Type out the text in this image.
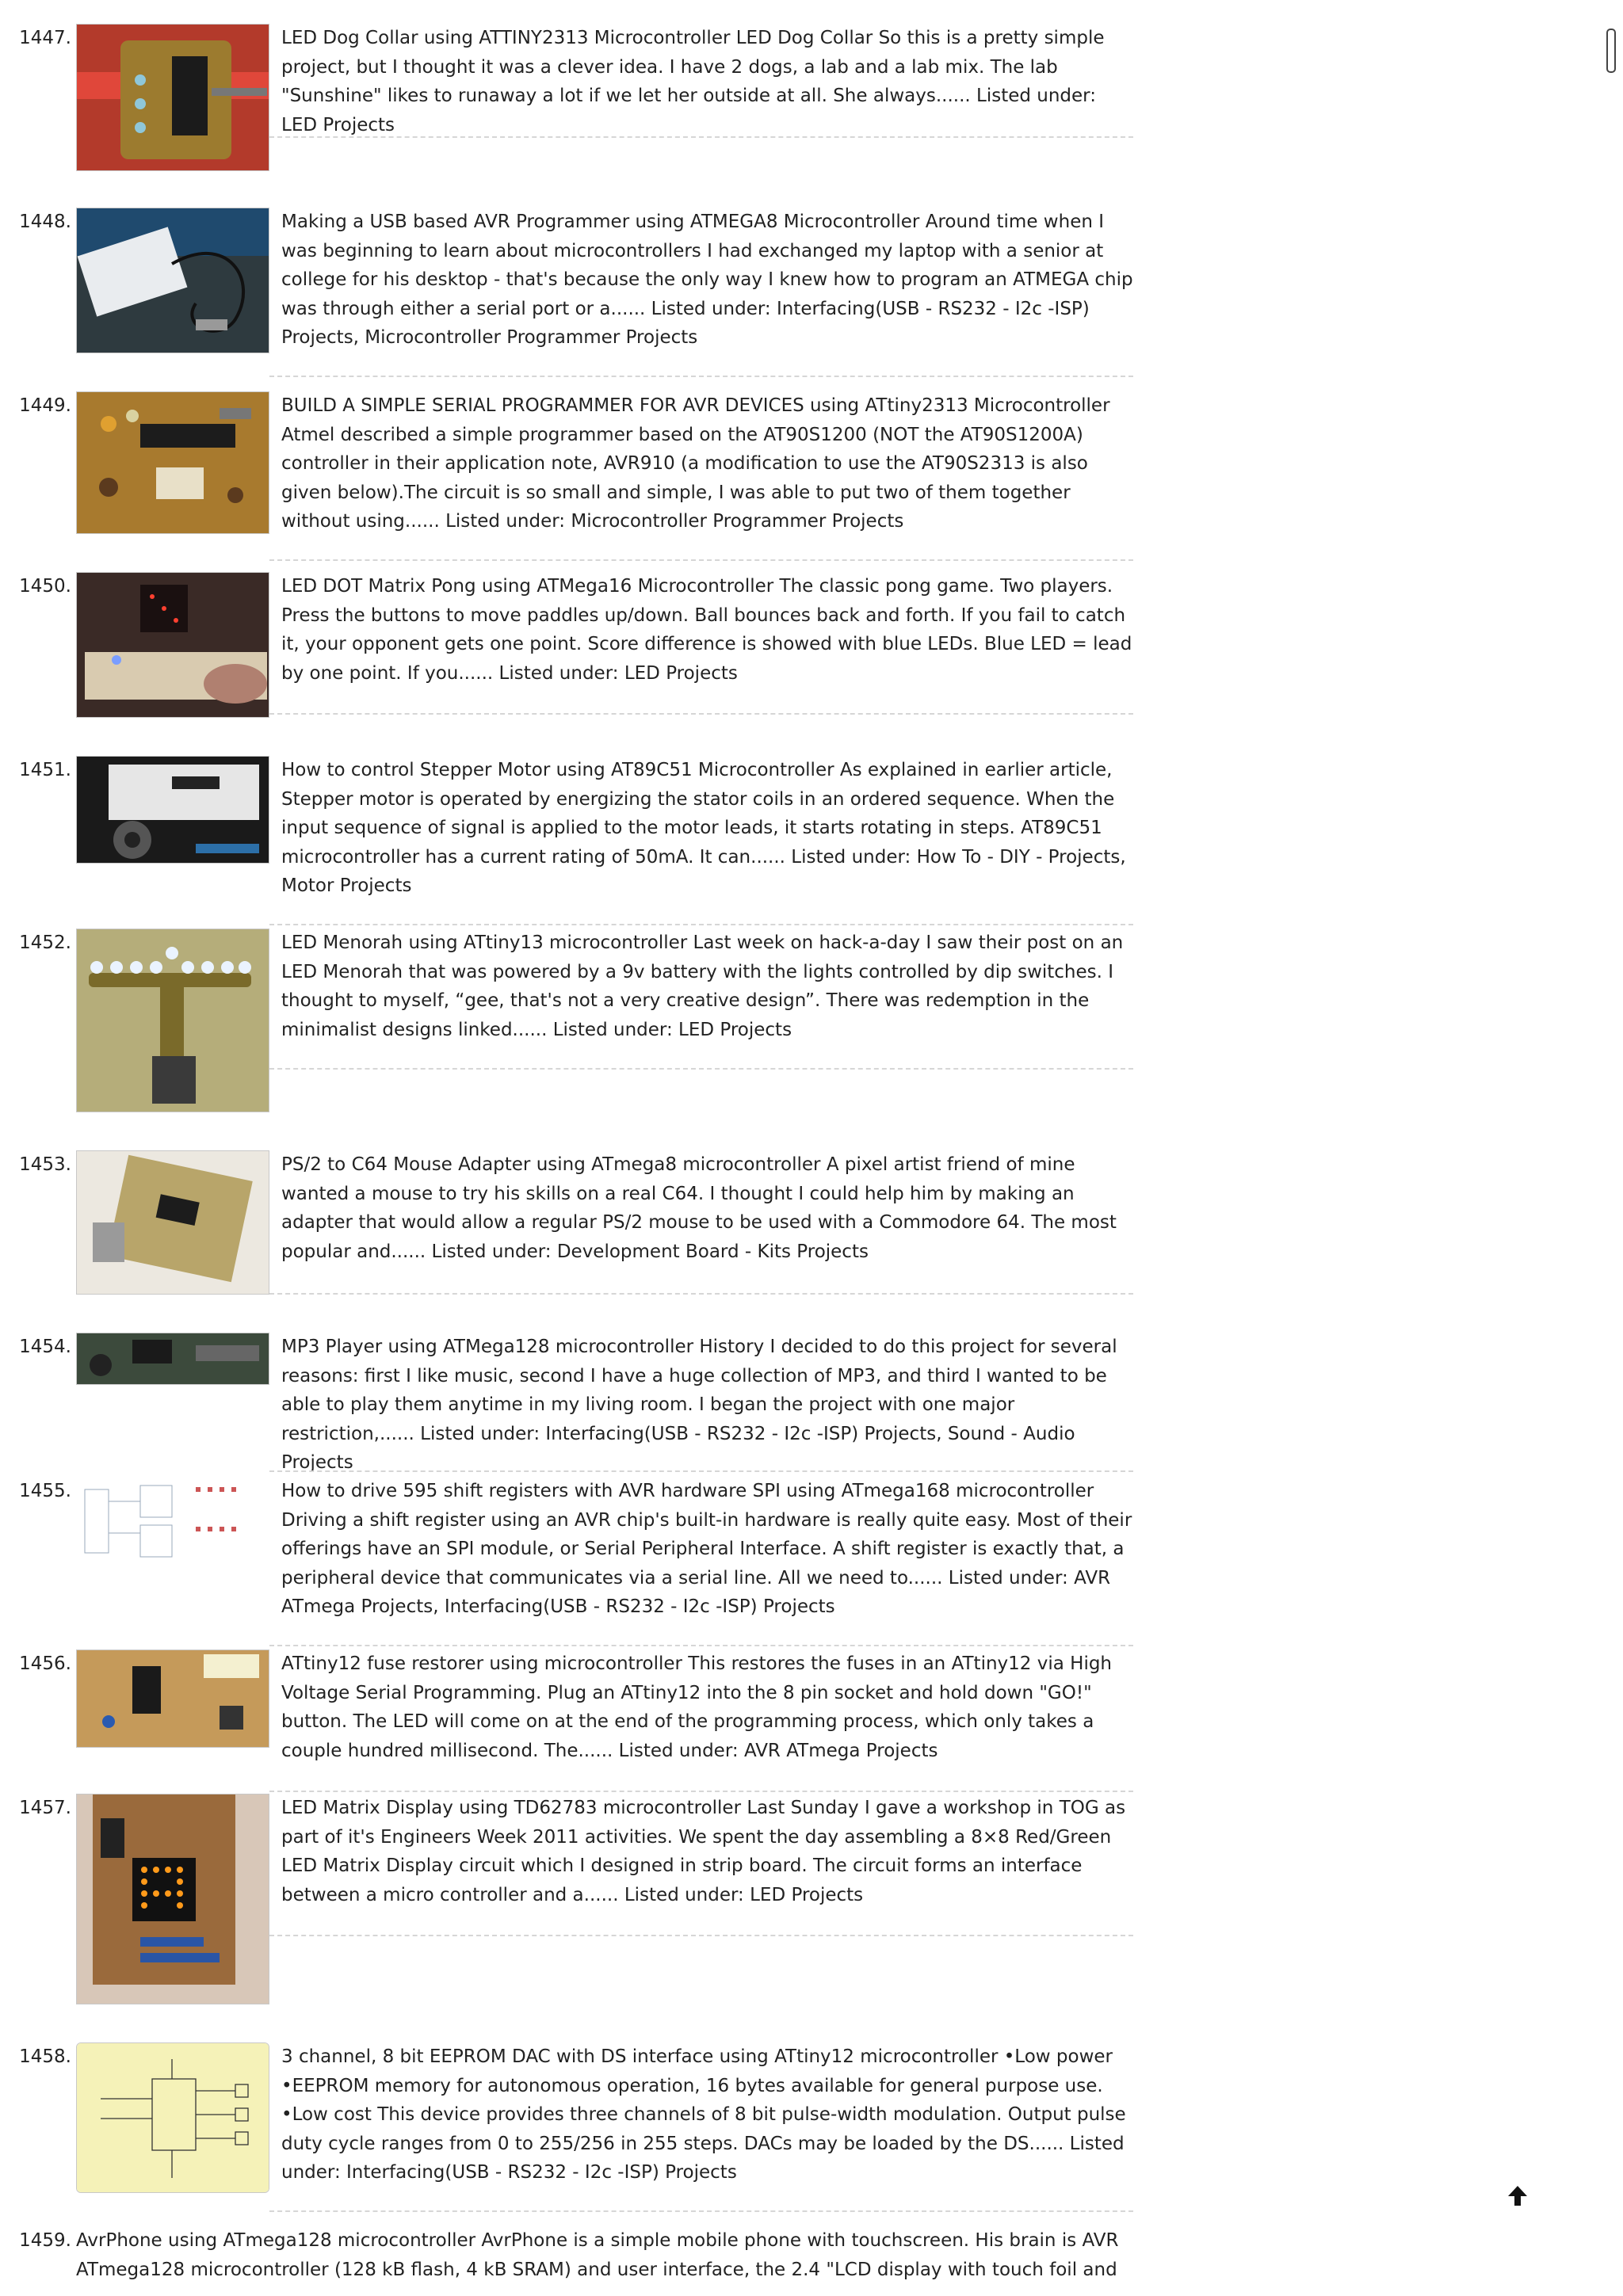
1447.	LED Dog Collar using ATTINY2313 Microcontroller LED Dog Collar So this is a pretty simple project, but I thought it was a clever idea. I have 2 dogs, a lab and a lab mix. The lab "Sunshine" likes to runaway a lot if we let her outside at all. She always...... Listed under: LED Projects
1448.	Making a USB based AVR Programmer using ATMEGA8 Microcontroller Around time when I was beginning to learn about microcontrollers I had exchanged my laptop with a senior at college for his desktop - that's because the only way I knew how to program an ATMEGA chip was through either a serial port or a...... Listed under: Interfacing(USB - RS232 - I2c -ISP) Projects, Microcontroller Programmer Projects
1449.	BUILD A SIMPLE SERIAL PROGRAMMER FOR AVR DEVICES using ATtiny2313 Microcontroller Atmel described a simple programmer based on the AT90S1200 (NOT the AT90S1200A) controller in their application note, AVR910 (a modification to use the AT90S2313 is also given below).The circuit is so small and simple, I was able to put two of them together without using...... Listed under: Microcontroller Programmer Projects
1450.	LED DOT Matrix Pong using ATMega16 Microcontroller The classic pong game. Two players. Press the buttons to move paddles up/down. Ball bounces back and forth. If you fail to catch it, your opponent gets one point. Score difference is showed with blue LEDs. Blue LED = lead by one point. If you...... Listed under: LED Projects
1451.	How to control Stepper Motor using AT89C51 Microcontroller As explained in earlier article, Stepper motor is operated by energizing the stator coils in an ordered sequence. When the input sequence of signal is applied to the motor leads, it starts rotating in steps. AT89C51 microcontroller has a current rating of 50mA. It can...... Listed under: How To - DIY - Projects, Motor Projects
1452.	LED Menorah using ATtiny13 microcontroller Last week on hack-a-day I saw their post on an LED Menorah that was powered by a 9v battery with the lights controlled by dip switches. I thought to myself, “gee, that's not a very creative design”. There was redemption in the minimalist designs linked...... Listed under: LED Projects
1453.	PS/2 to C64 Mouse Adapter using ATmega8 microcontroller A pixel artist friend of mine wanted a mouse to try his skills on a real C64. I thought I could help him by making an adapter that would allow a regular PS/2 mouse to be used with a Commodore 64. The most popular and...... Listed under: Development Board - Kits Projects
1454.	MP3 Player using ATMega128 microcontroller History I decided to do this project for several reasons: first I like music, second I have a huge collection of MP3, and third I wanted to be able to play them anytime in my living room. I began the project with one major restriction,...... Listed under: Interfacing(USB - RS232 - I2c -ISP) Projects, Sound - Audio Projects
1455.	How to drive 595 shift registers with AVR hardware SPI using ATmega168 microcontroller Driving a shift register using an AVR chip's built-in hardware is really quite easy. Most of their offerings have an SPI module, or Serial Peripheral Interface. A shift register is exactly that, a peripheral device that communicates via a serial line. All we need to...... Listed under: AVR ATmega Projects, Interfacing(USB - RS232 - I2c -ISP) Projects
1456.	ATtiny12 fuse restorer using microcontroller This restores the fuses in an ATtiny12 via High Voltage Serial Programming. Plug an ATtiny12 into the 8 pin socket and hold down "GO!" button. The LED will come on at the end of the programming process, which only takes a couple hundred millisecond. The...... Listed under: AVR ATmega Projects
1457.	LED Matrix Display using TD62783 microcontroller Last Sunday I gave a workshop in TOG as part of it's Engineers Week 2011 activities. We spent the day assembling a 8×8 Red/Green LED Matrix Display circuit which I designed in strip board. The circuit forms an interface between a micro controller and a...... Listed under: LED Projects
1458.	3 channel, 8 bit EEPROM DAC with DS interface using ATtiny12 microcontroller •Low power •EEPROM memory for autonomous operation, 16 bytes available for general purpose use. •Low cost This device provides three channels of 8 bit pulse-width modulation. Output pulse duty cycle ranges from 0 to 255/256 in 255 steps. DACs may be loaded by the DS...... Listed under: Interfacing(USB - RS232 - I2c -ISP) Projects
1459. AvrPhone using ATmega128 microcontroller AvrPhone is a simple mobile phone with touchscreen. His brain is AVR ATmega128 microcontroller (128 kB flash, 4 kB SRAM) and user interface, the 2.4 "LCD display with touch foil and
